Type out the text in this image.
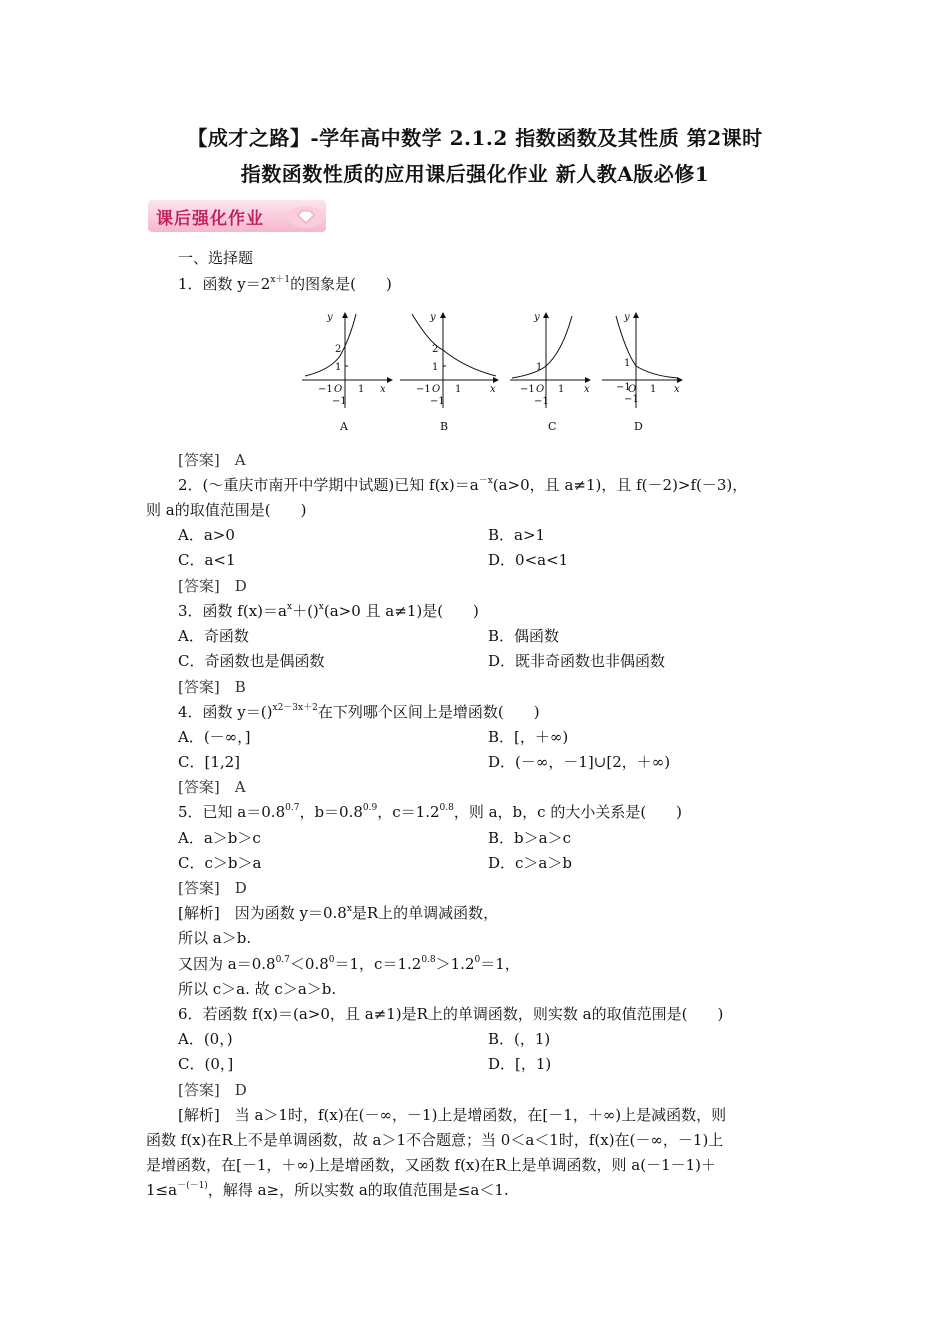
【成才之路】-学年高中数学 2.1.2 指数函数及其性质 第2课时
指数函数性质的应用课后强化作业 新人教A版必修1
课后强化作业
一、选择题
1．函数 $y=2^{x+1}$的图象是(　　)
y
2
1
−1 O 1 x
−1
y
2
1
−1 O 1	x
−1
y
1
−1 O 1 x
−1
y
1
−1
O 1 x
−1
A	B	C	D
[答案]　A
2．(～重庆市南开中学期中试题)已知 $f(x)=a^{-x}(a>0$，且 a≠1)，且 f(－2)>f(－3)，
则 a的取值范围是(　　)
A．a>0	B．a>1
C．a<1	D．0<a<1
[答案]　D
3．函数 $f(x)=a^x+()^x(a>0$ 且 a≠1)是(　　)
A．奇函数	B．偶函数
C．奇函数也是偶函数	D．既非奇函数也非偶函数
[答案]　B
4．函数 y＝()$^{x2-3x+2}$在下列哪个区间上是增函数(　　)
A．(－∞，]	B．[，＋∞)
C．[1,2]	D．(－∞，－1]∪[2，＋∞)
[答案]　A
5．已知 $a=0.8^{0.7}$，$b=0.8^{0.9}$，$c=1.2^{0.8}$，则 a，b，c 的大小关系是(　　)
A．a＞b＞c	B．b＞a＞c
C．c＞b＞a	D．c＞a＞b
[答案]　D
[解析]　因为函数 $y=0.8^x$是R上的单调减函数，
所以 a＞b.
又因为 $a=0.8^{0.7}<0.8^0=1$，$c=1.2^{0.8}>1.2^0=1$，
所以 c＞a. 故 c＞a＞b.
6．若函数 f(x)＝(a>0，且 a≠1)是R上的单调函数，则实数 a的取值范围是(　　)
A．(0，)	B．(，1)
C．(0，]	D．[，1)
[答案]　D
[解析]　当 a＞1时，f(x)在(－∞，－1)上是增函数，在[－1，＋∞)上是减函数，则
函数 f(x)在R上不是单调函数，故 a＞1不合题意；当 0＜a＜1时，f(x)在(－∞，－1)上
是增函数，在[－1，＋∞)上是增函数，又函数 f(x)在R上是单调函数，则 a(－1－1)＋
$1\le a^{-(-1)}$，解得 a≥，所以实数 a的取值范围是≤a＜1.
